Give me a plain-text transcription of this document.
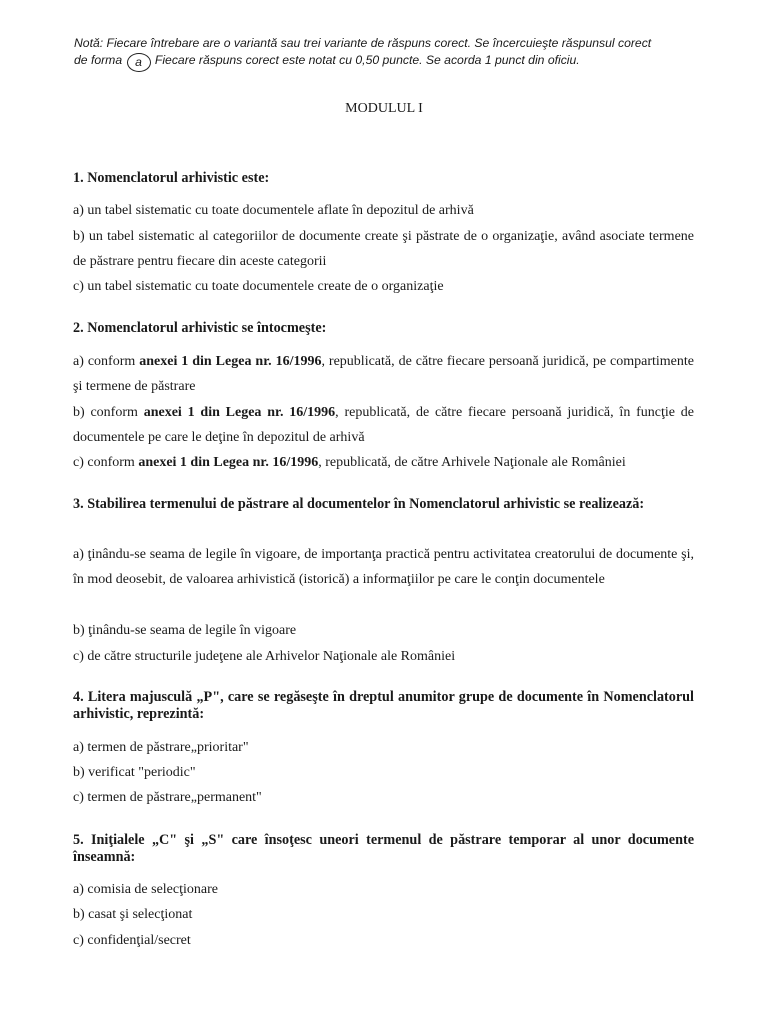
Notă: Fiecare întrebare are o variantă sau trei variante de răspuns corect. Se încercuieşte răspunsul corect
de forma a Fiecare răspuns corect este notat cu 0,50 puncte. Se acorda 1 punct din oficiu.
MODULUL I
1. Nomenclatorul arhivistic este:
a) un tabel sistematic cu toate documentele aflate în depozitul de arhivă
b) un tabel sistematic al categoriilor de documente create şi păstrate de o organizaţie, având asociate termene de păstrare pentru fiecare din aceste categorii
c) un tabel sistematic cu toate documentele create de o organizaţie
2. Nomenclatorul arhivistic se întocmeşte:
a) conform anexei 1 din Legea nr. 16/1996, republicată, de către fiecare persoană juridică, pe compartimente şi termene de păstrare
b) conform anexei 1 din Legea nr. 16/1996, republicată, de către fiecare persoană juridică, în funcţie de documentele pe care le deţine în depozitul de arhivă
c) conform anexei 1 din Legea nr. 16/1996, republicată, de către Arhivele Naţionale ale României
3. Stabilirea termenului de păstrare al documentelor în Nomenclatorul arhivistic se realizează:
a) ţinându-se seama de legile în vigoare, de importanţa practică pentru activitatea creatorului de documente şi, în mod deosebit, de valoarea arhivistică (istorică) a informaţiilor pe care le conţin documentele
b) ţinându-se seama de legile în vigoare
c) de către structurile judeţene ale Arhivelor Naţionale ale României
4. Litera majusculă „P", care se regăseşte în dreptul anumitor grupe de documente în Nomenclatorul arhivistic, reprezintă:
a) termen de păstrare„prioritar"
b) verificat "periodic"
c) termen de păstrare„permanent"
5. Iniţialele „C" şi „S" care însoţesc uneori termenul de păstrare temporar al unor documente înseamnă:
a) comisia de selecţionare
b) casat şi selecţionat
c) confidenţial/secret
